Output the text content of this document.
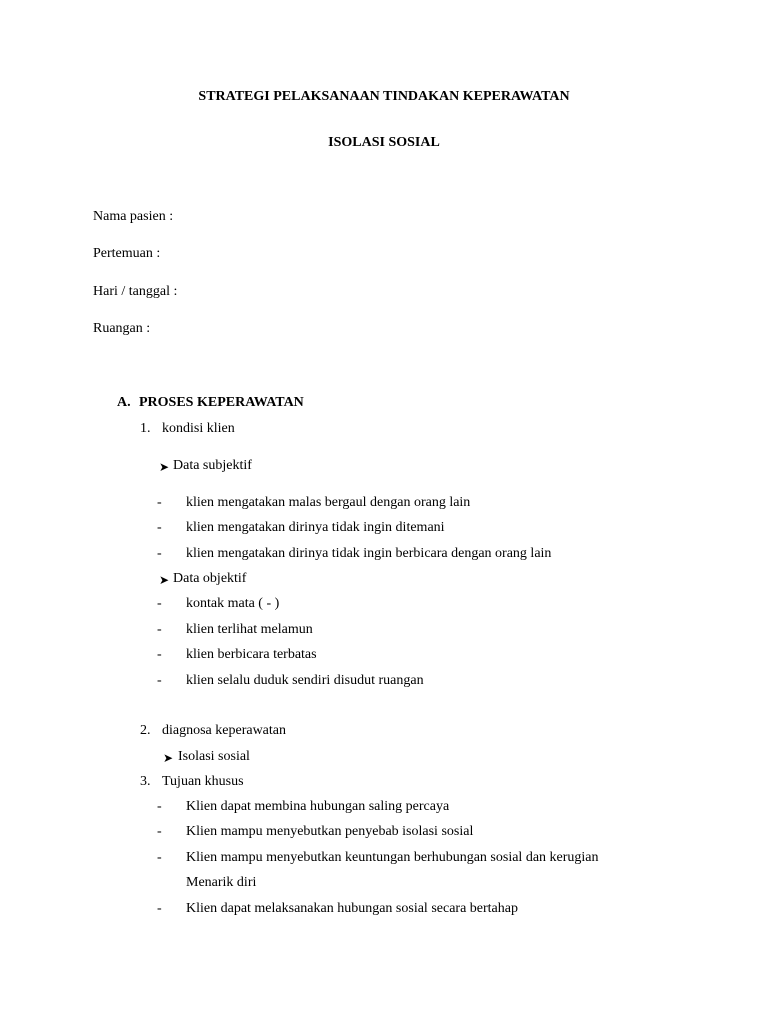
STRATEGI PELAKSANAAN TINDAKAN KEPERAWATAN
ISOLASI SOSIAL
Nama pasien :
Pertemuan :
Hari / tanggal :
Ruangan :
A. PROSES KEPERAWATAN
1. kondisi klien
➤ Data subjektif
- klien mengatakan malas bergaul dengan orang lain
- klien mengatakan dirinya tidak ingin ditemani
- klien mengatakan dirinya tidak ingin berbicara dengan orang lain
➤ Data objektif
- kontak mata ( - )
- klien terlihat melamun
- klien berbicara terbatas
- klien selalu duduk sendiri disudut ruangan
2. diagnosa keperawatan
➤ Isolasi sosial
3. Tujuan khusus
- Klien dapat membina hubungan saling percaya
- Klien mampu menyebutkan penyebab isolasi sosial
- Klien mampu menyebutkan keuntungan berhubungan sosial dan kerugian
Menarik diri
- Klien dapat melaksanakan hubungan sosial secara bertahap
